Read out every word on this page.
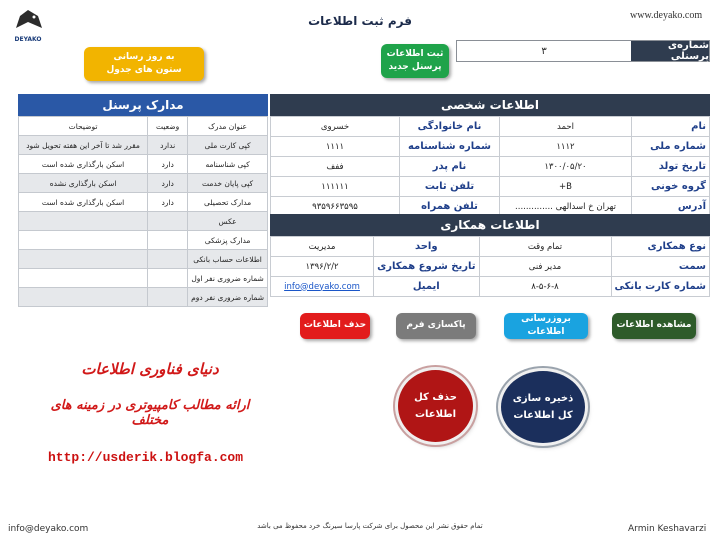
DEYAKO
فرم ثبت اطلاعات	www.deyako.com
شماره‌ی پرسنلی
۳
ثبت اطلاعات
پرسنل جدید
به روز رسانی
ستون های جدول
اطلاعات شخصی
نام	احمد	نام خانوادگی	خسروی
شماره ملی	۱۱۱۲	شماره شناسنامه	۱۱۱۱
تاریخ تولد	۱۳۰۰/۰۵/۲۰	نام پدر	ففف
گروه خونی	B+	تلفن ثابت	۱۱۱۱۱۱
آدرس	تهران خ اسدالهی ..............	تلفن همراه	۹۳۵۹۶۶۳۵۹۵
اطلاعات همکاری
نوع همکاری	تمام وقت	واحد	مدیریت
سمت	مدیر فنی	تاریخ شروع همکاری	۱۳۹۶/۲/۲
شماره کارت بانکی	۸-۵-۶-۸	ایمیل	info@deyako.com
مدارک پرسنل
عنوان مدرک	وضعیت	توضیحات
کپی کارت ملی	ندارد	مقرر شد تا آخر این هفته تحویل شود
کپی شناسنامه	دارد	اسکن بارگذاری شده است
کپی پایان خدمت	دارد	اسکن بارگذاری نشده
مدارک تحصیلی	دارد	اسکن بارگذاری شده است
عکس		
مدارک پزشکی		
اطلاعات حساب بانکی		
شماره ضروری نفر اول		
شماره ضروری نفر دوم		
مشاهده اطلاعات
بروزرسانی اطلاعات
پاکسازی فرم
حذف اطلاعات
ذخیره سازی
کل اطلاعات
حذف کل
اطلاعات
دنیای فناوری اطلاعات
ارائه مطالب کامپیوتری در زمینه های مختلف
http://usderik.blogfa.com
info@deyako.com	تمام حقوق نشر این محصول برای شرکت پارسا سیرنگ خرد محفوظ می باشد	Armin Keshavarzi
